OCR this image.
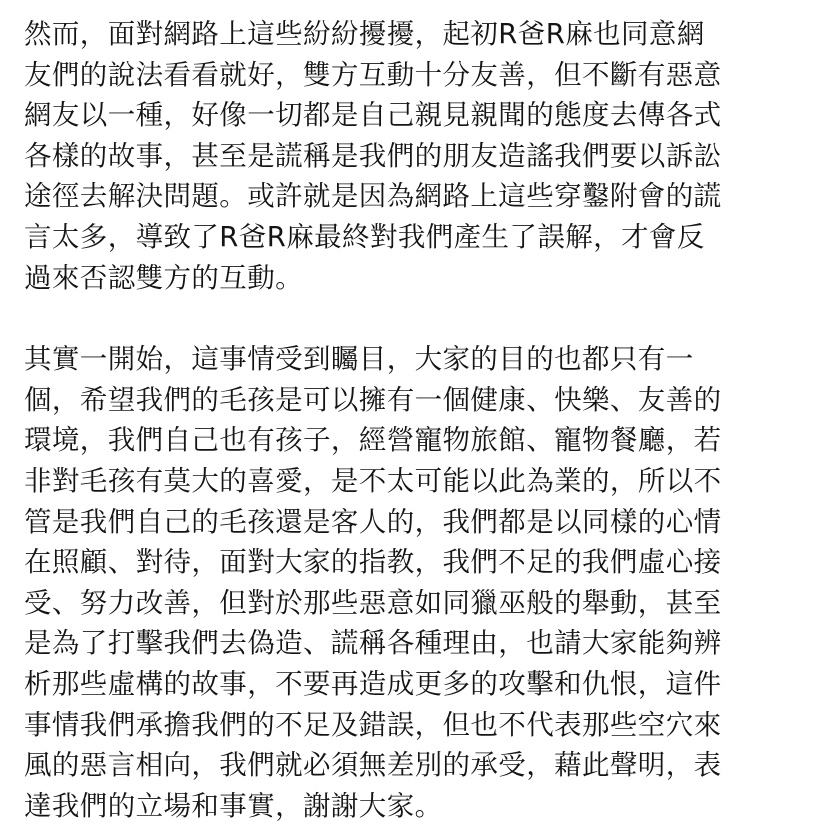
然而，面對網路上這些紛紛擾擾，起初R爸R麻也同意網
友們的說法看看就好，雙方互動十分友善，但不斷有惡意
網友以一種，好像一切都是自己親見親聞的態度去傳各式
各樣的故事，甚至是謊稱是我們的朋友造謠我們要以訴訟
途徑去解決問題。或許就是因為網路上這些穿鑿附會的謊
言太多，導致了R爸R麻最終對我們產生了誤解，才會反
過來否認雙方的互動。

其實一開始，這事情受到矚目，大家的目的也都只有一
個，希望我們的毛孩是可以擁有一個健康、快樂、友善的
環境，我們自己也有孩子，經營寵物旅館、寵物餐廳，若
非對毛孩有莫大的喜愛，是不太可能以此為業的，所以不
管是我們自己的毛孩還是客人的，我們都是以同樣的心情
在照顧、對待，面對大家的指教，我們不足的我們虛心接
受、努力改善，但對於那些惡意如同獵巫般的舉動，甚至
是為了打擊我們去偽造、謊稱各種理由，也請大家能夠辨
析那些虛構的故事，不要再造成更多的攻擊和仇恨，這件
事情我們承擔我們的不足及錯誤，但也不代表那些空穴來
風的惡言相向，我們就必須無差別的承受，藉此聲明，表
達我們的立場和事實，謝謝大家。
